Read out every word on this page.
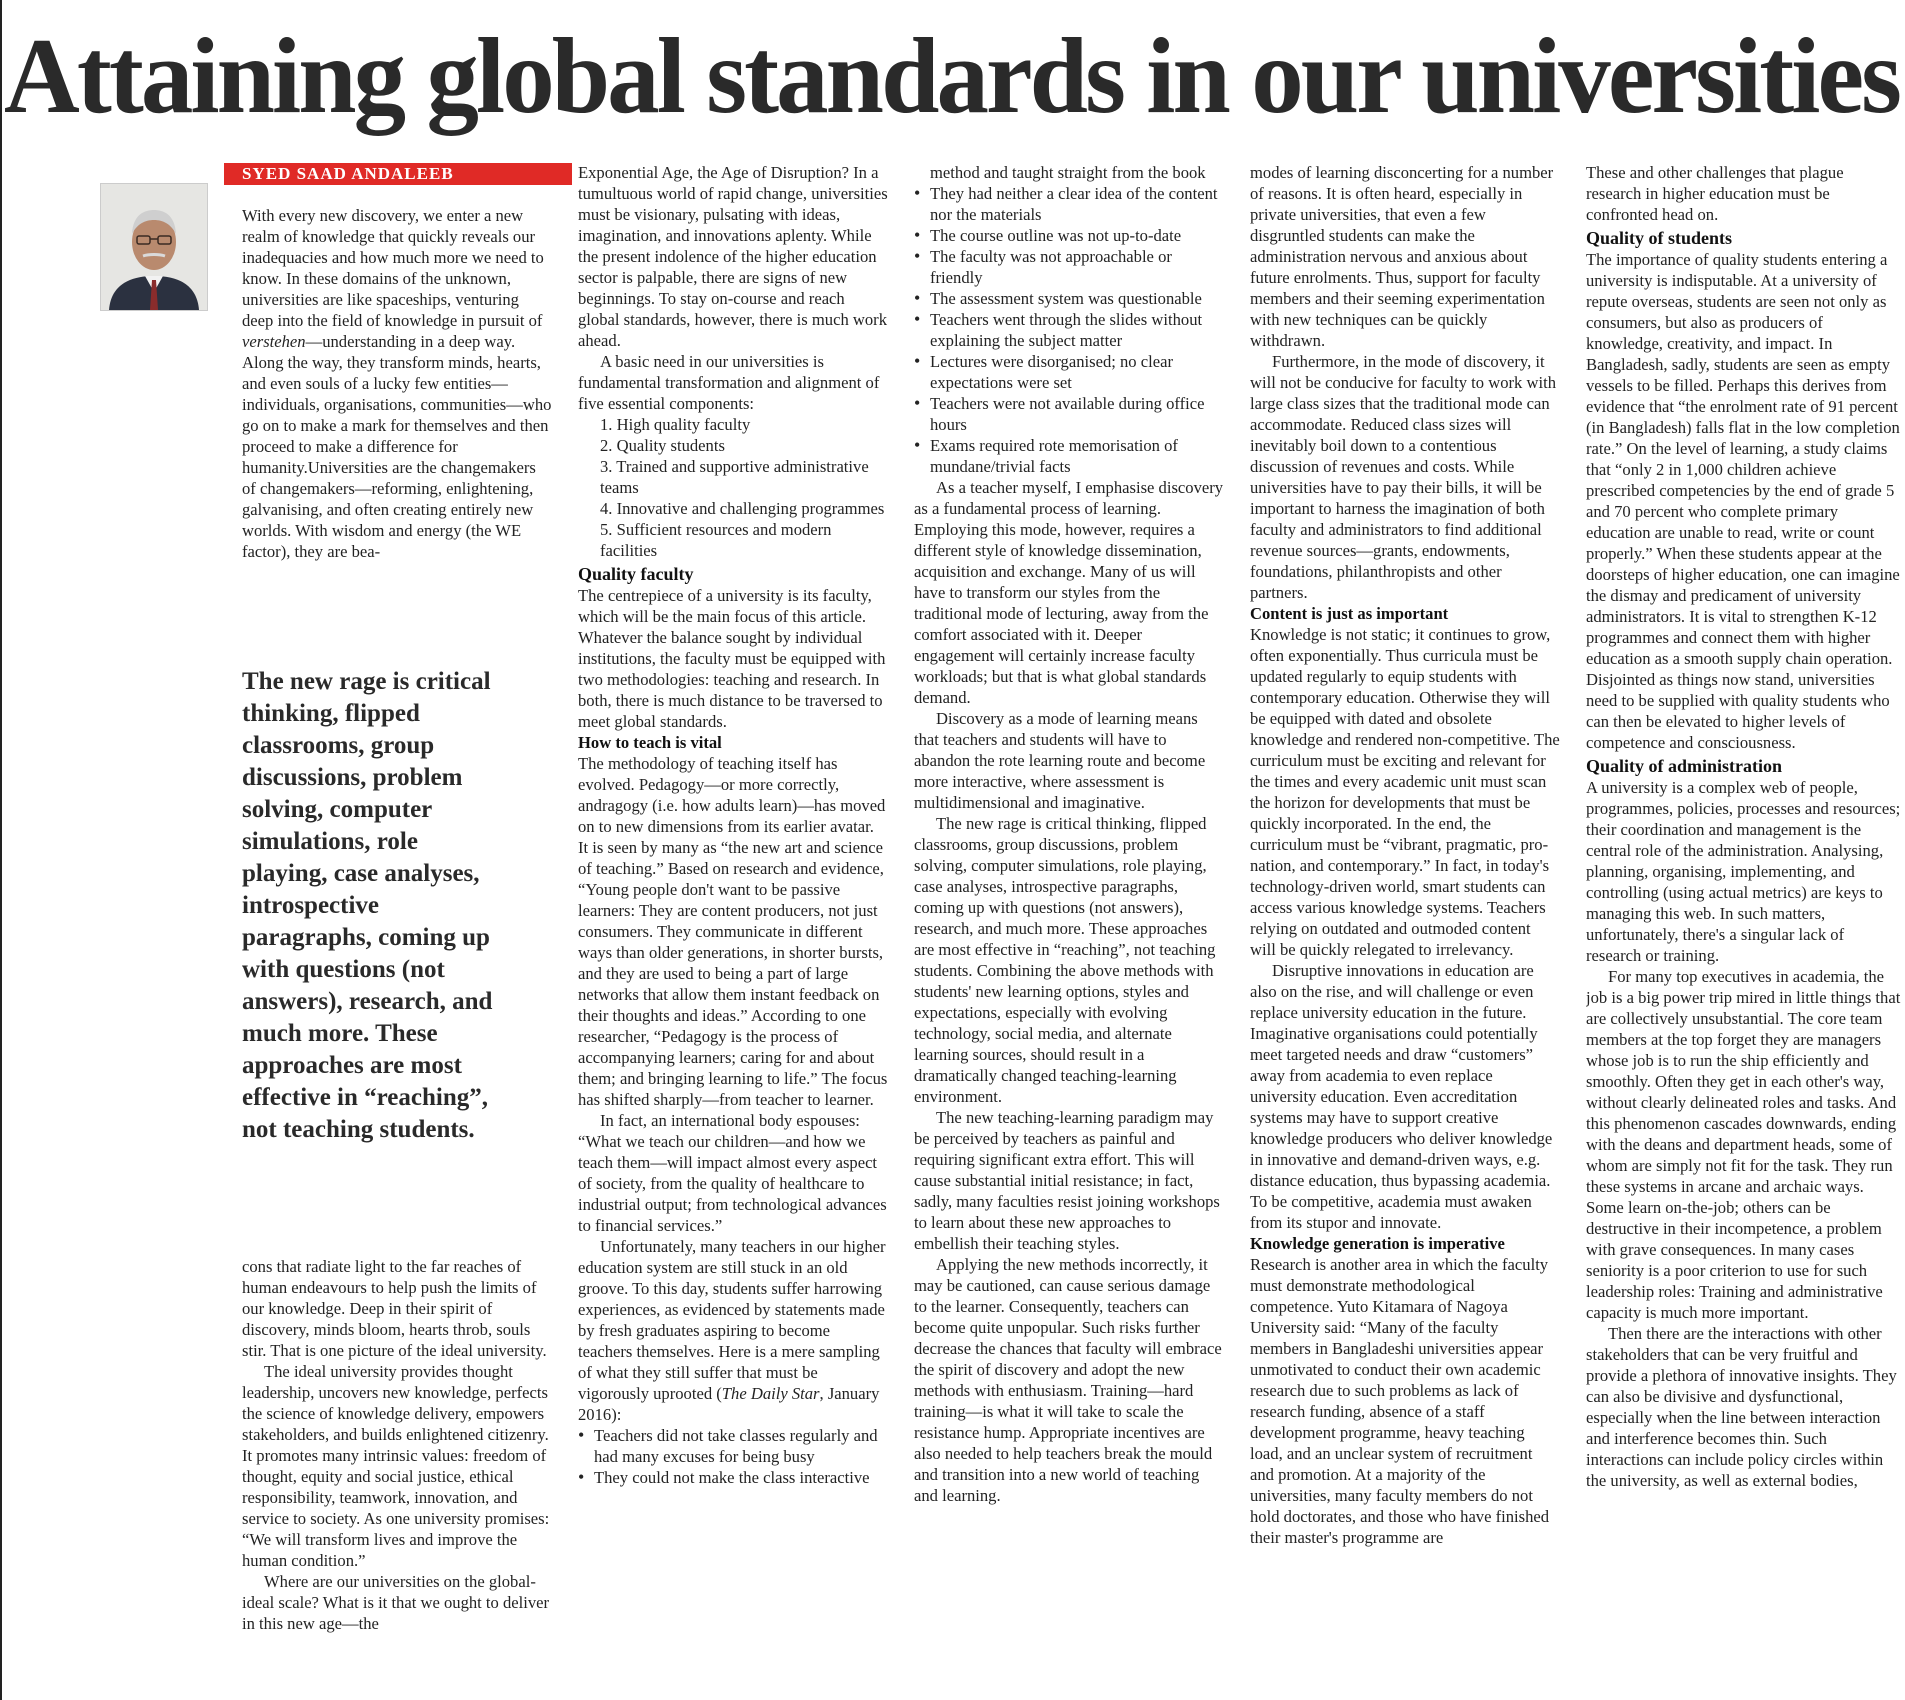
Attaining global standards in our universities
SYED SAAD ANDALEEB

With every new discovery, we enter a new realm of knowledge that quickly reveals our inadequacies and how much more we need to know. In these domains of the unknown, universities are like spaceships, venturing deep into the field of knowledge in pursuit of verstehen—understanding in a deep way. Along the way, they transform minds, hearts, and even souls of a lucky few entities—individuals, organisations, communities—who go on to make a mark for themselves and then proceed to make a difference for humanity.Universities are the changemakers of changemakers—reforming, enlightening, galvanising, and often creating entirely new worlds. With wisdom and energy (the WE factor), they are bea-

The new rage is critical thinking, flipped classrooms, group discussions, problem solving, computer simulations, role playing, case analyses, introspective paragraphs, coming up with questions (not answers), research, and much more. These approaches are most effective in “reaching”, not teaching students.

cons that radiate light to the far reaches of human endeavours to help push the limits of our knowledge. Deep in their spirit of discovery, minds bloom, hearts throb, souls stir. That is one picture of the ideal university.

The ideal university provides thought leadership, uncovers new knowledge, perfects the science of knowledge delivery, empowers stakeholders, and builds enlightened citizenry. It promotes many intrinsic values: freedom of thought, equity and social justice, ethical responsibility, teamwork, innovation, and service to society. As one university promises: “We will transform lives and improve the human condition.”

Where are our universities on the global-ideal scale? What is it that we ought to deliver in this new age—the

Exponential Age, the Age of Disruption? In a tumultuous world of rapid change, universities must be visionary, pulsating with ideas, imagination, and innovations aplenty. While the present indolence of the higher education sector is palpable, there are signs of new beginnings. To stay on-course and reach global standards, however, there is much work ahead.

A basic need in our universities is fundamental transformation and alignment of five essential components:

1. High quality faculty
2. Quality students
3. Trained and supportive administrative teams
4. Innovative and challenging programmes
5. Sufficient resources and modern facilities
Quality faculty

The centrepiece of a university is its faculty, which will be the main focus of this article. Whatever the balance sought by individual institutions, the faculty must be equipped with two methodologies: teaching and research. In both, there is much distance to be traversed to meet global standards.

How to teach is vital

The methodology of teaching itself has evolved. Pedagogy—or more correctly, andragogy (i.e. how adults learn)—has moved on to new dimensions from its earlier avatar. It is seen by many as “the new art and science of teaching.” Based on research and evidence, “Young people don't want to be passive learners: They are content producers, not just consumers. They communicate in different ways than older generations, in shorter bursts, and they are used to being a part of large networks that allow them instant feedback on their thoughts and ideas.” According to one researcher, “Pedagogy is the process of accompanying learners; caring for and about them; and bringing learning to life.” The focus has shifted sharply—from teacher to learner.

In fact, an international body espouses: “What we teach our children—and how we teach them—will impact almost every aspect of society, from the quality of healthcare to industrial output; from technological advances to financial services.”

Unfortunately, many teachers in our higher education system are still stuck in an old groove. To this day, students suffer harrowing experiences, as evidenced by statements made by fresh graduates aspiring to become teachers themselves. Here is a mere sampling of what they still suffer that must be vigorously uprooted (The Daily Star, January 2016):

• Teachers did not take classes regularly and had many excuses for being busy
• They could not make the class interactive

method and taught straight from the book

• They had neither a clear idea of the content nor the materials
• The course outline was not up-to-date
• The faculty was not approachable or friendly
• The assessment system was questionable
• Teachers went through the slides without explaining the subject matter
• Lectures were disorganised; no clear expectations were set
• Teachers were not available during office hours
• Exams required rote memorisation of mundane/trivial facts

As a teacher myself, I emphasise discovery as a fundamental process of learning. Employing this mode, however, requires a different style of knowledge dissemination, acquisition and exchange. Many of us will have to transform our styles from the traditional mode of lecturing, away from the comfort associated with it. Deeper engagement will certainly increase faculty workloads; but that is what global standards demand.

Discovery as a mode of learning means that teachers and students will have to abandon the rote learning route and become more interactive, where assessment is multidimensional and imaginative.

The new rage is critical thinking, flipped classrooms, group discussions, problem solving, computer simulations, role playing, case analyses, introspective paragraphs, coming up with questions (not answers), research, and much more. These approaches are most effective in “reaching”, not teaching students. Combining the above methods with students' new learning options, styles and expectations, especially with evolving technology, social media, and alternate learning sources, should result in a dramatically changed teaching-learning environment.

The new teaching-learning paradigm may be perceived by teachers as painful and requiring significant extra effort. This will cause substantial initial resistance; in fact, sadly, many faculties resist joining workshops to learn about these new approaches to embellish their teaching styles.

Applying the new methods incorrectly, it may be cautioned, can cause serious damage to the learner. Consequently, teachers can become quite unpopular. Such risks further decrease the chances that faculty will embrace the spirit of discovery and adopt the new methods with enthusiasm. Training—hard training—is what it will take to scale the resistance hump. Appropriate incentives are also needed to help teachers break the mould and transition into a new world of teaching and learning.

modes of learning disconcerting for a number of reasons. It is often heard, especially in private universities, that even a few disgruntled students can make the administration nervous and anxious about future enrolments. Thus, support for faculty members and their seeming experimentation with new techniques can be quickly withdrawn.

Furthermore, in the mode of discovery, it will not be conducive for faculty to work with large class sizes that the traditional mode can accommodate. Reduced class sizes will inevitably boil down to a contentious discussion of revenues and costs. While universities have to pay their bills, it will be important to harness the imagination of both faculty and administrators to find additional revenue sources—grants, endowments, foundations, philanthropists and other partners.

Content is just as important

Knowledge is not static; it continues to grow, often exponentially. Thus curricula must be updated regularly to equip students with contemporary education. Otherwise they will be equipped with dated and obsolete knowledge and rendered non-competitive. The curriculum must be exciting and relevant for the times and every academic unit must scan the horizon for developments that must be quickly incorporated. In the end, the curriculum must be “vibrant, pragmatic, pro-nation, and contemporary.” In fact, in today's technology-driven world, smart students can access various knowledge systems. Teachers relying on outdated and outmoded content will be quickly relegated to irrelevancy.

Disruptive innovations in education are also on the rise, and will challenge or even replace university education in the future. Imaginative organisations could potentially meet targeted needs and draw “customers” away from academia to even replace university education. Even accreditation systems may have to support creative knowledge producers who deliver knowledge in innovative and demand-driven ways, e.g. distance education, thus bypassing academia. To be competitive, academia must awaken from its stupor and innovate.

Knowledge generation is imperative

Research is another area in which the faculty must demonstrate methodological competence. Yuto Kitamara of Nagoya University said: “Many of the faculty members in Bangladeshi universities appear unmotivated to conduct their own academic research due to such problems as lack of research funding, absence of a staff development programme, heavy teaching load, and an unclear system of recruitment and promotion. At a majority of the universities, many faculty members do not hold doctorates, and those who have finished their master's programme are

These and other challenges that plague research in higher education must be confronted head on.

Quality of students

The importance of quality students entering a university is indisputable. At a university of repute overseas, students are seen not only as consumers, but also as producers of knowledge, creativity, and impact. In Bangladesh, sadly, students are seen as empty vessels to be filled. Perhaps this derives from evidence that “the enrolment rate of 91 percent (in Bangladesh) falls flat in the low completion rate.” On the level of learning, a study claims that “only 2 in 1,000 children achieve prescribed competencies by the end of grade 5 and 70 percent who complete primary education are unable to read, write or count properly.” When these students appear at the doorsteps of higher education, one can imagine the dismay and predicament of university administrators. It is vital to strengthen K-12 programmes and connect them with higher education as a smooth supply chain operation. Disjointed as things now stand, universities need to be supplied with quality students who can then be elevated to higher levels of competence and consciousness.

Quality of administration

A university is a complex web of people, programmes, policies, processes and resources; their coordination and management is the central role of the administration. Analysing, planning, organising, implementing, and controlling (using actual metrics) are keys to managing this web. In such matters, unfortunately, there's a singular lack of research or training.

For many top executives in academia, the job is a big power trip mired in little things that are collectively unsubstantial. The core team members at the top forget they are managers whose job is to run the ship efficiently and smoothly. Often they get in each other's way, without clearly delineated roles and tasks. And this phenomenon cascades downwards, ending with the deans and department heads, some of whom are simply not fit for the task. They run these systems in arcane and archaic ways. Some learn on-the-job; others can be destructive in their incompetence, a problem with grave consequences. In many cases seniority is a poor criterion to use for such leadership roles: Training and administrative capacity is much more important.

Then there are the interactions with other stakeholders that can be very fruitful and provide a plethora of innovative insights. They can also be divisive and dysfunctional, especially when the line between interaction and interference becomes thin. Such interactions can include policy circles within the university, as well as external bodies,
